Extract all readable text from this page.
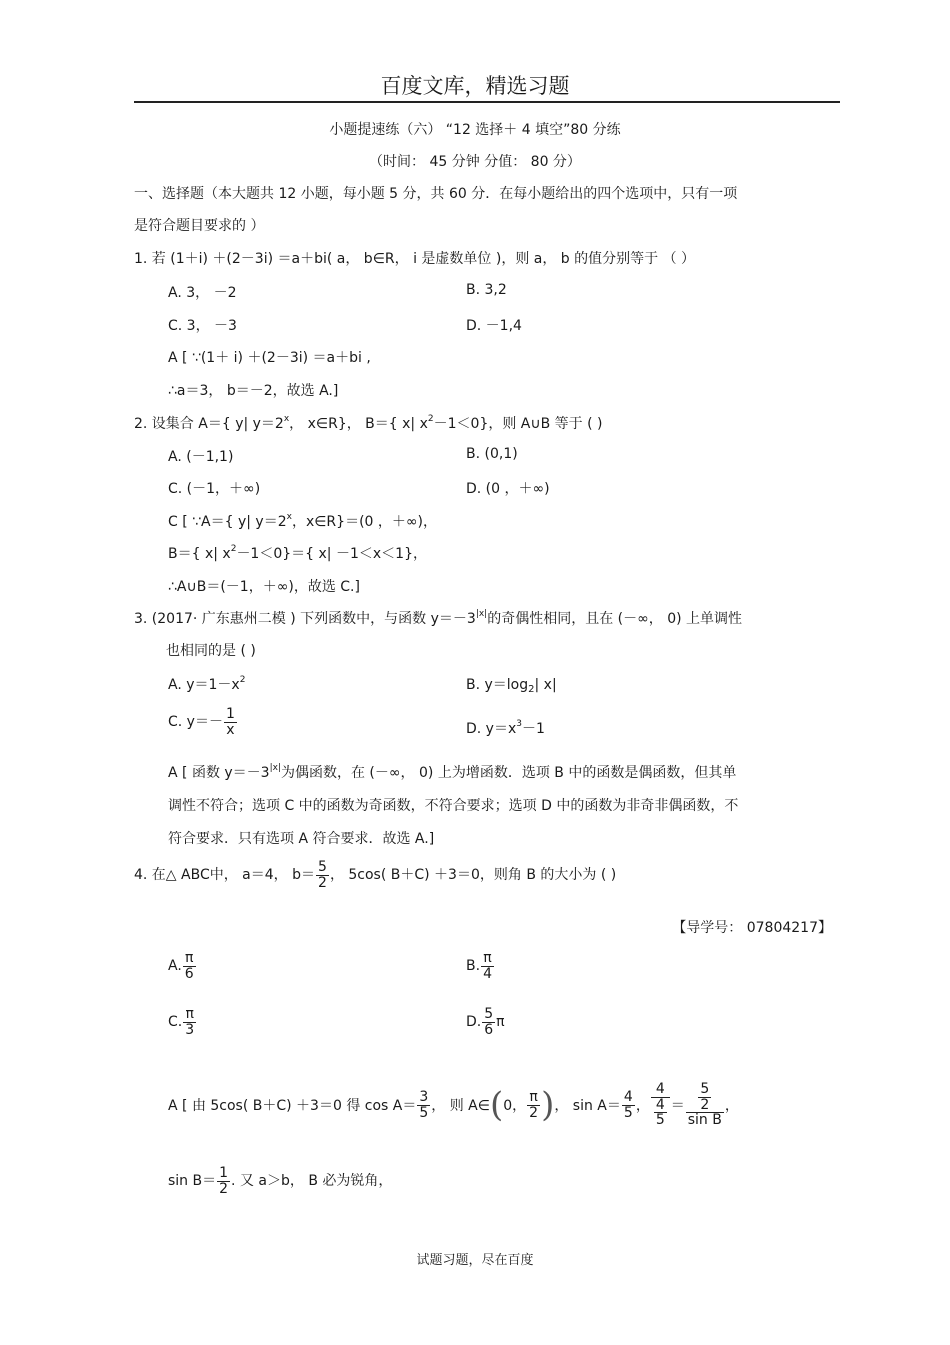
百度文库，精选习题
小题提速练（六） “12 选择＋ 4 填空”80 分练
（时间： 45 分钟 分值： 80 分）
一、选择题（本大题共 12 小题，每小题 5 分，共 60 分．在每小题给出的四个选项中，只有一项
是符合题目要求的 ）
1. 若 (1＋i) ＋(2－3i) ＝a＋bi( a， b∈R， i 是虚数单位 )，则 a， b 的值分别等于 （ ）
A. 3， －2	B. 3,2
C. 3， －3	D. －1,4
A [ ∵(1＋ i) ＋(2－3i) ＝a＋bi ,
∴a＝3， b＝－2，故选 A.]
2. 设集合 A＝{ y| $y=2^x$， x∈R}， B＝{ x| $x^2-1<0$}，则 A∪B 等于 ( )
A. (－1,1)	B. (0,1)
C. (－1，＋∞)	D. (0 ，＋∞)
C [ ∵A＝{ y| $y=2^x$，x∈R}＝(0 ，＋∞)，
B＝{ x| $x^2-1<0\}=${ x| －1＜x＜1}，
∴A∪B＝(－1，＋∞)，故选 C.]
3. (2017· 广东惠州二模 ) 下列函数中，与函数 $y=-3^{|x|}$的奇偶性相同，且在 (－∞， 0) 上单调性
也相同的是 ( )
A. $y=1-x^2$	B. $y=\log_2|$ x|
C. $y=- \frac{1}{x}$	D. $y=x^3-1$
A [ 函数 $y=-3^{|x|}$为偶函数，在 (－∞， 0) 上为增函数．选项 B 中的函数是偶函数，但其单
调性不符合；选项 C 中的函数为奇函数，不符合要求；选项 D 中的函数为非奇非偶函数，不
符合要求．只有选项 A 符合要求．故选 A.]
4. 在△ ABC中， a＝4， $b= \frac{5}{2}$ ， 5cos( B＋C) ＋3＝0，则角 B 的大小为 ( )
【导学号： 07804217】
A. $\frac{\pi}{6}$	B. $\frac{\pi}{4}$
C. $\frac{\pi}{3}$	D. $\frac{5}{6}$ π
A [ 由 5cos( B＋C) ＋3＝0 得 $\cos A= \frac{3}{5}$ ， 则 A∈ ( 0， $\frac{\pi}{2}$ ) ， $\sin A= \frac{4}{5}$ ， $\frac{4}{\frac{4}{5}} = \frac{\frac{5}{2}}{\text{sin B}}$ ，
$\sin B= \frac{1}{2}$ . 又 a＞b， B 必为锐角，
试题习题，尽在百度
